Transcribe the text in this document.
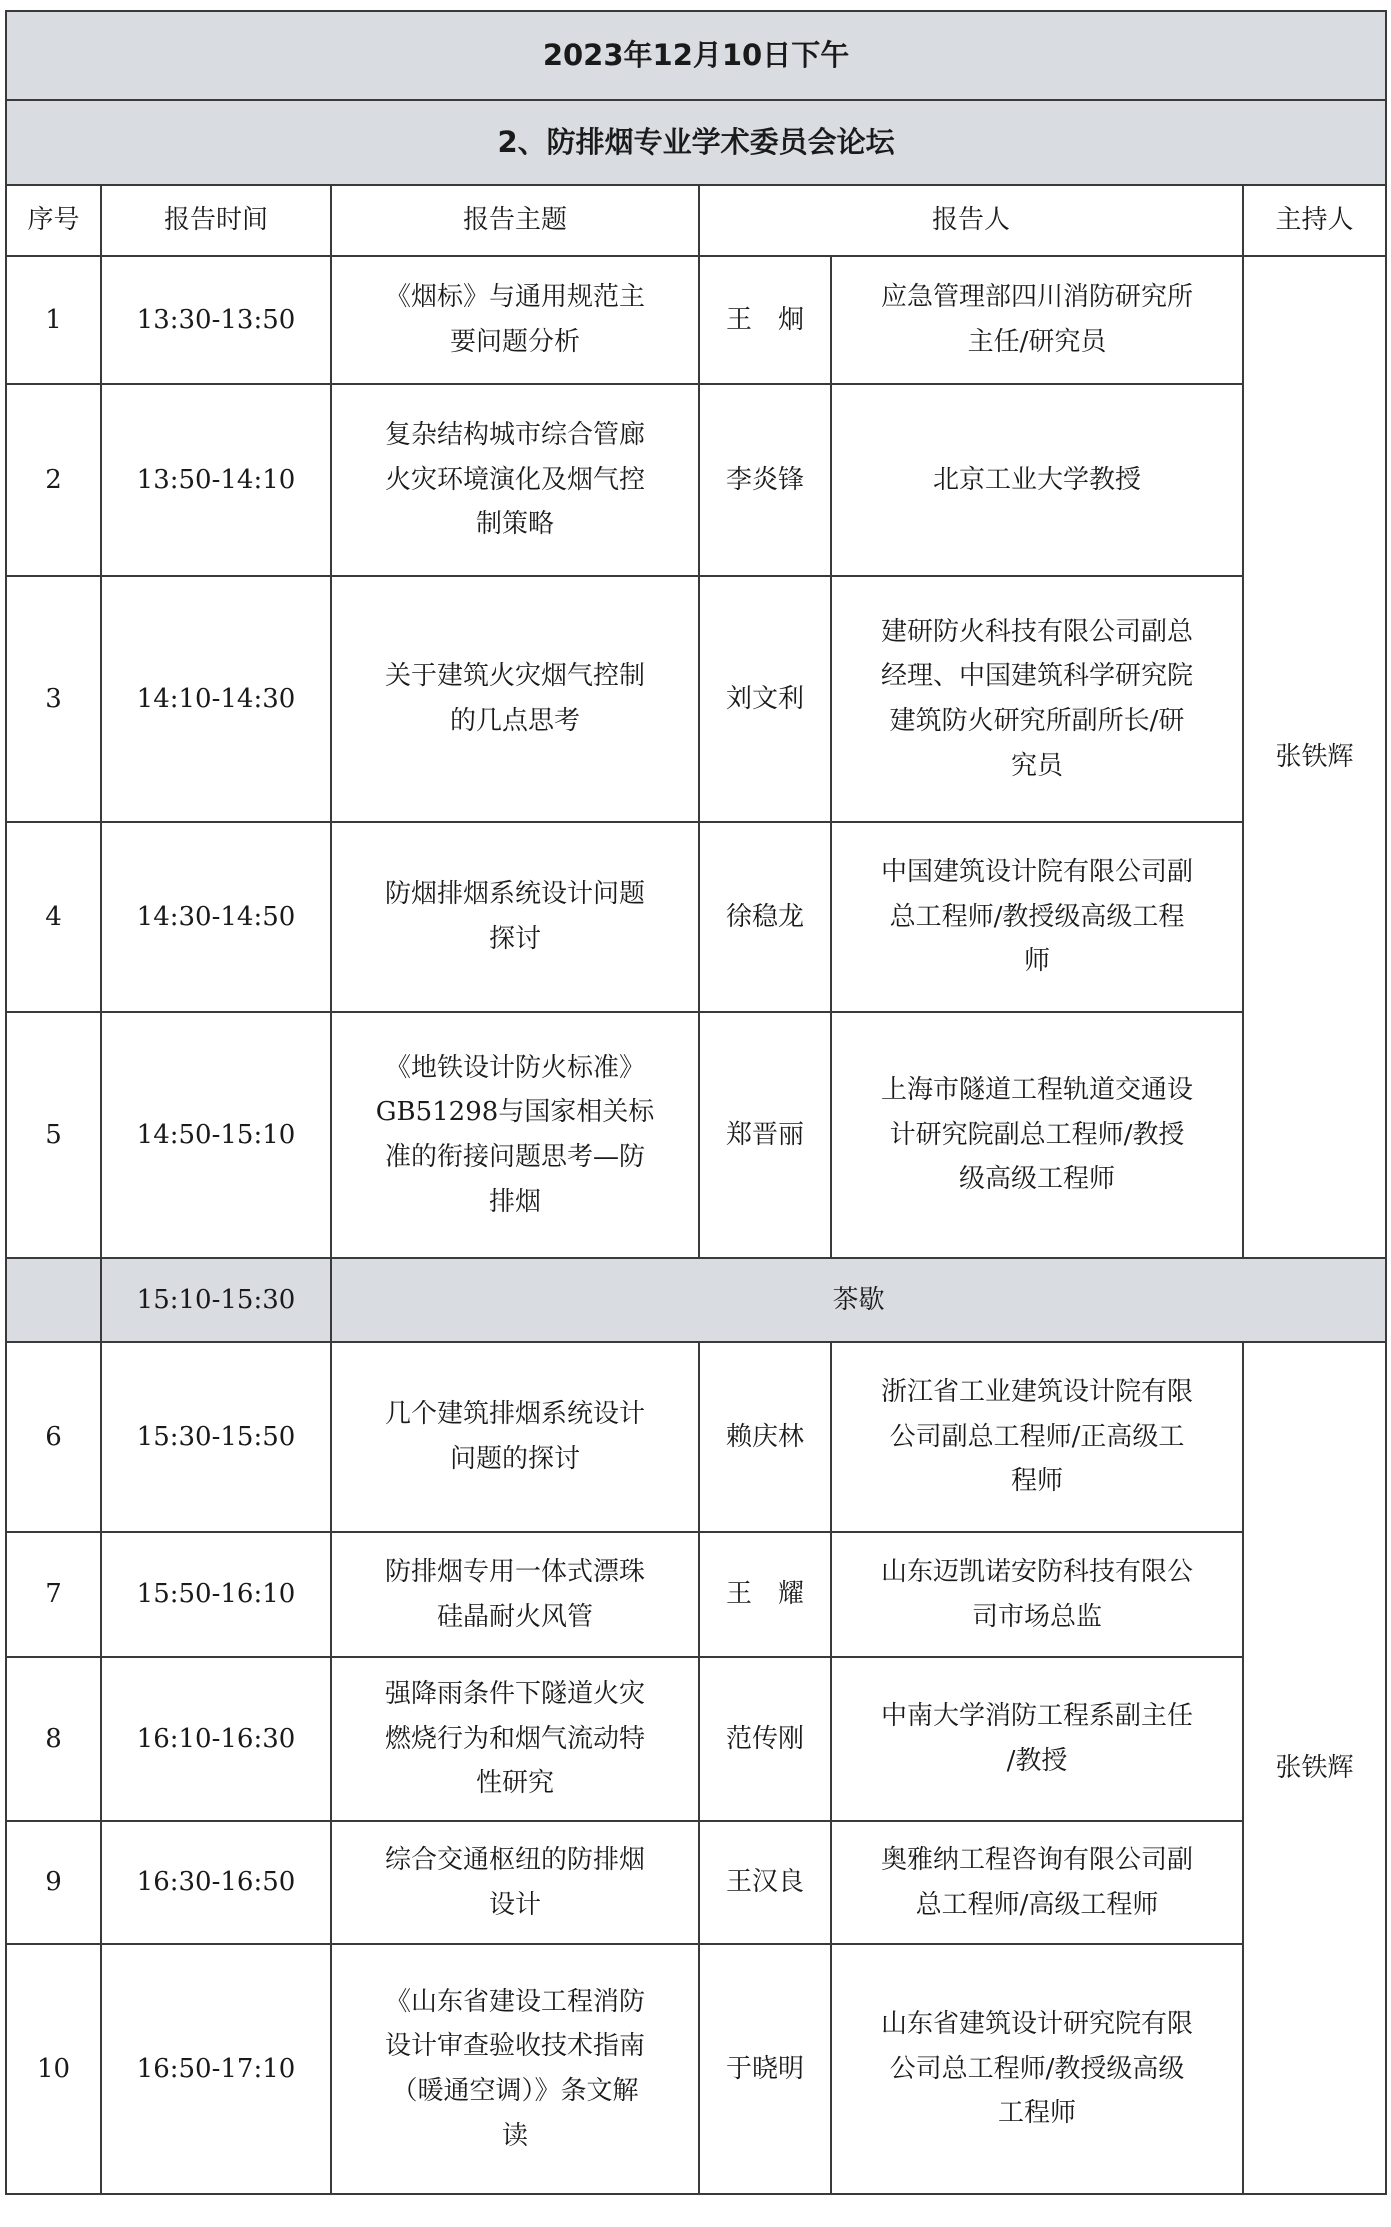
2023年12月10日下午					
2、防排烟专业学术委员会论坛					
序号	报告时间	报告主题	报告人		主持人
1	13:30-13:50	《烟标》与通用规范主
要问题分析	王　炯	应急管理部四川消防研究所
主任/研究员	张铁辉
2	13:50-14:10	复杂结构城市综合管廊
火灾环境演化及烟气控
制策略	李炎锋	北京工业大学教授	
3	14:10-14:30	关于建筑火灾烟气控制
的几点思考	刘文利	建研防火科技有限公司副总
经理、中国建筑科学研究院
建筑防火研究所副所长/研
究员	
4	14:30-14:50	防烟排烟系统设计问题
探讨	徐稳龙	中国建筑设计院有限公司副
总工程师/教授级高级工程
师	
5	14:50-15:10	《地铁设计防火标准》
GB51298与国家相关标
准的衔接问题思考—防
排烟	郑晋丽	上海市隧道工程轨道交通设
计研究院副总工程师/教授
级高级工程师	
	15:10-15:30	茶歇			
6	15:30-15:50	几个建筑排烟系统设计
问题的探讨	赖庆林	浙江省工业建筑设计院有限
公司副总工程师/正高级工
程师	张铁辉
7	15:50-16:10	防排烟专用一体式漂珠
硅晶耐火风管	王　耀	山东迈凯诺安防科技有限公
司市场总监	
8	16:10-16:30	强降雨条件下隧道火灾
燃烧行为和烟气流动特
性研究	范传刚	中南大学消防工程系副主任
/教授	
9	16:30-16:50	综合交通枢纽的防排烟
设计	王汉良	奥雅纳工程咨询有限公司副
总工程师/高级工程师	
10	16:50-17:10	《山东省建设工程消防
设计审查验收技术指南
（暖通空调）》条文解
读	于晓明	山东省建筑设计研究院有限
公司总工程师/教授级高级
工程师	
